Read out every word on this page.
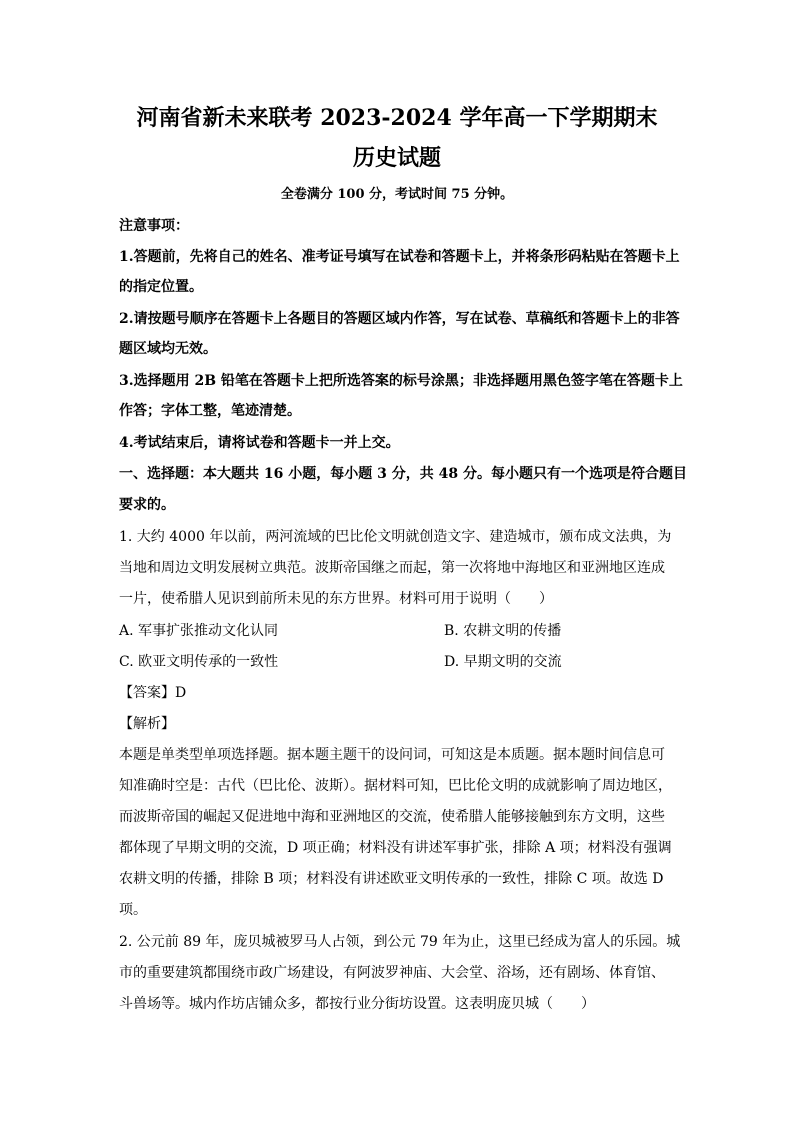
河南省新未来联考 2023-2024 学年高一下学期期末
历史试题
全卷满分 100 分，考试时间 75 分钟。
注意事项：
1.答题前，先将自己的姓名、准考证号填写在试卷和答题卡上，并将条形码粘贴在答题卡上
的指定位置。
2.请按题号顺序在答题卡上各题目的答题区域内作答，写在试卷、草稿纸和答题卡上的非答
题区域均无效。
3.选择题用 2B 铅笔在答题卡上把所选答案的标号涂黑；非选择题用黑色签字笔在答题卡上
作答；字体工整，笔迹清楚。
4.考试结束后，请将试卷和答题卡一并上交。
一、选择题：本大题共 16 小题，每小题 3 分，共 48 分。每小题只有一个选项是符合题目
要求的。
1. 大约 4000 年以前，两河流域的巴比伦文明就创造文字、建造城市，颁布成文法典，为
当地和周边文明发展树立典范。波斯帝国继之而起，第一次将地中海地区和亚洲地区连成
一片，使希腊人见识到前所未见的东方世界。材料可用于说明（　　）
A. 军事扩张推动文化认同	B. 农耕文明的传播
C. 欧亚文明传承的一致性	D. 早期文明的交流
【答案】D
【解析】
本题是单类型单项选择题。据本题主题干的设问词，可知这是本质题。据本题时间信息可
知准确时空是：古代（巴比伦、波斯）。据材料可知，巴比伦文明的成就影响了周边地区，
而波斯帝国的崛起又促进地中海和亚洲地区的交流，使希腊人能够接触到东方文明，这些
都体现了早期文明的交流，D 项正确；材料没有讲述军事扩张，排除 A 项；材料没有强调
农耕文明的传播，排除 B 项；材料没有讲述欧亚文明传承的一致性，排除 C 项。故选 D
项。
2. 公元前 89 年，庞贝城被罗马人占领，到公元 79 年为止，这里已经成为富人的乐园。城
市的重要建筑都围绕市政广场建设，有阿波罗神庙、大会堂、浴场，还有剧场、体育馆、
斗兽场等。城内作坊店铺众多，都按行业分街坊设置。这表明庞贝城（　　）
